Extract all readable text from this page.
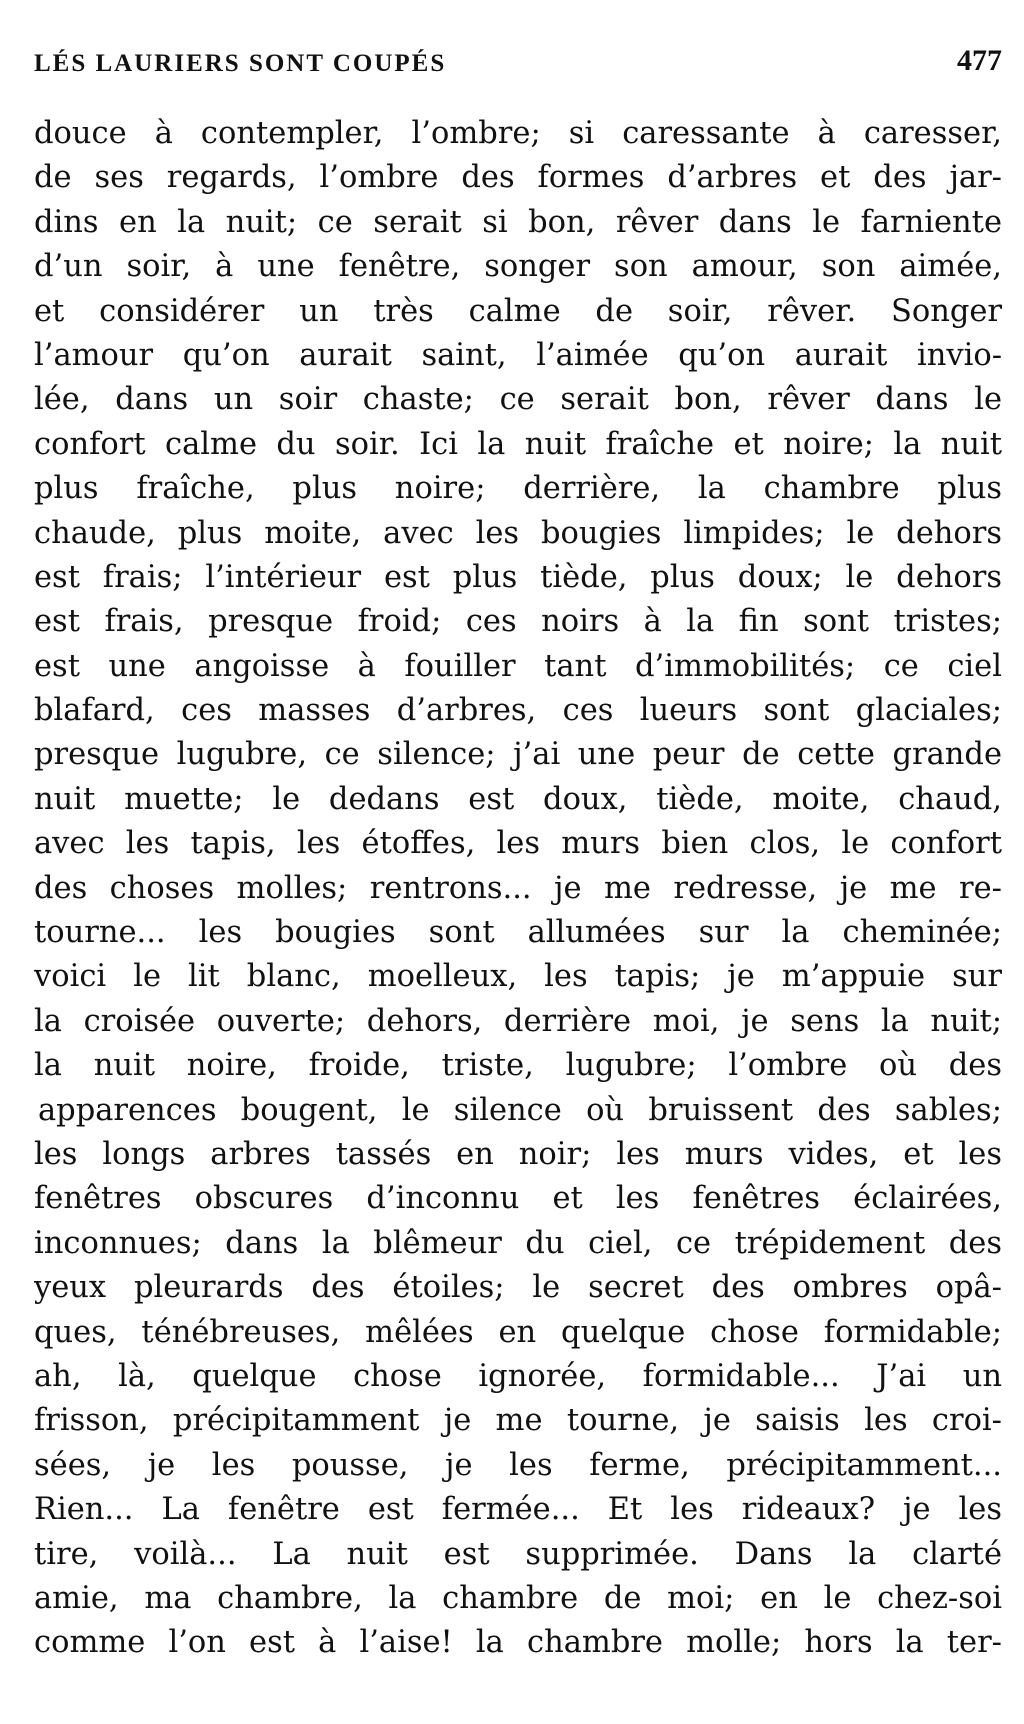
LÉS LAURIERS SONT COUPÉS	477
douce à contempler, l’ombre; si caressante à caresser,
de ses regards, l’ombre des formes d’arbres et des jar-
dins en la nuit; ce serait si bon, rêver dans le farniente
d’un soir, à une fenêtre, songer son amour, son aimée,
et considérer un très calme de soir, rêver. Songer
l’amour qu’on aurait saint, l’aimée qu’on aurait invio-
lée, dans un soir chaste; ce serait bon, rêver dans le
confort calme du soir. Ici la nuit fraîche et noire; la nuit
plus fraîche, plus noire; derrière, la chambre plus
chaude, plus moite, avec les bougies limpides; le dehors
est frais; l’intérieur est plus tiède, plus doux; le dehors
est frais, presque froid; ces noirs à la fin sont tristes;
est une angoisse à fouiller tant d’immobilités; ce ciel
blafard, ces masses d’arbres, ces lueurs sont glaciales;
presque lugubre, ce silence; j’ai une peur de cette grande
nuit muette; le dedans est doux, tiède, moite, chaud,
avec les tapis, les étoffes, les murs bien clos, le confort
des choses molles; rentrons... je me redresse, je me re-
tourne... les bougies sont allumées sur la cheminée;
voici le lit blanc, moelleux, les tapis; je m’appuie sur
la croisée ouverte; dehors, derrière moi, je sens la nuit;
la nuit noire, froide, triste, lugubre; l’ombre où des
apparences bougent, le silence où bruissent des sables;
les longs arbres tassés en noir; les murs vides, et les
fenêtres obscures d’inconnu et les fenêtres éclairées,
inconnues; dans la blêmeur du ciel, ce trépidement des
yeux pleurards des étoiles; le secret des ombres opâ-
ques, ténébreuses, mêlées en quelque chose formidable;
ah, là, quelque chose ignorée, formidable... J’ai un
frisson, précipitamment je me tourne, je saisis les croi-
sées, je les pousse, je les ferme, précipitamment...
Rien... La fenêtre est fermée... Et les rideaux? je les
tire, voilà... La nuit est supprimée. Dans la clarté
amie, ma chambre, la chambre de moi; en le chez-soi
comme l’on est à l’aise! la chambre molle; hors la ter-
